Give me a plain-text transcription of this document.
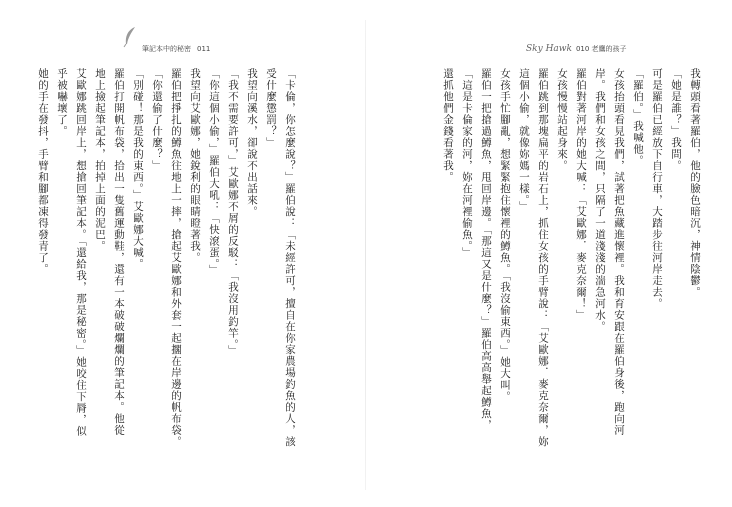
筆記本中的秘密 011
「卡倫，你怎麼說？」羅伯說：「未經許可，擅自在你家農場釣魚的人，該
受什麼懲罰？」
我望向溪水，卻說不出話來。
「我不需要許可，」艾歐娜不屑的反駁：「我沒用釣竿。」
「你這個小偷，」羅伯大吼：「快滾蛋。」
我望向艾歐娜，她銳利的眼睛瞪著我。
羅伯把掙扎的鱒魚往地上一摔，搶起艾歐娜和外套一起擱在岸邊的帆布袋。
「你還偷了什麼？」
「別碰！那是我的東西。」艾歐娜大喊。
羅伯打開帆布袋，拾出一隻舊運動鞋，還有一本破破爛爛的筆記本。他從
地上撿起筆記本，拍掉上面的泥巴。
艾歐娜跳回岸上，想搶回筆記本。「還給我，那是秘密。」她咬住下脣，似
乎被嚇壞了。
她的手在發抖，手臂和腳都凍得發青了。
Sky Hawk 010 老鷹的孩子
我轉頭看著羅伯，他的臉色暗沉，神情陰鬱。
「她是誰？」我問。
可是羅伯已經放下自行車，大踏步往河岸走去。
「羅伯。」我喊他。
女孩抬頭看見我們，試著把魚藏進懷裡。我和育安跟在羅伯身後，跑向河
岸。我們和女孩之間，只隔了一道淺淺的湍急河水。
羅伯對著河岸的她大喊：「艾歐娜．麥克奈爾！」
女孩慢慢站起身來。
羅伯跳到那塊扁平的岩石上，抓住女孩的手臂說：「艾歐娜．麥克奈爾，妳
這個小偷，就像妳媽一樣。」
女孩手忙腳亂，想緊緊抱住懷裡的鱒魚。「我沒偷東西。」她大叫。
羅伯一把搶過鱒魚，甩回岸邊。「那這又是什麼？」羅伯高高舉起鱒魚，
「這是卡倫家的河，妳在河裡偷魚。」
還抓他們金錢看著我。
